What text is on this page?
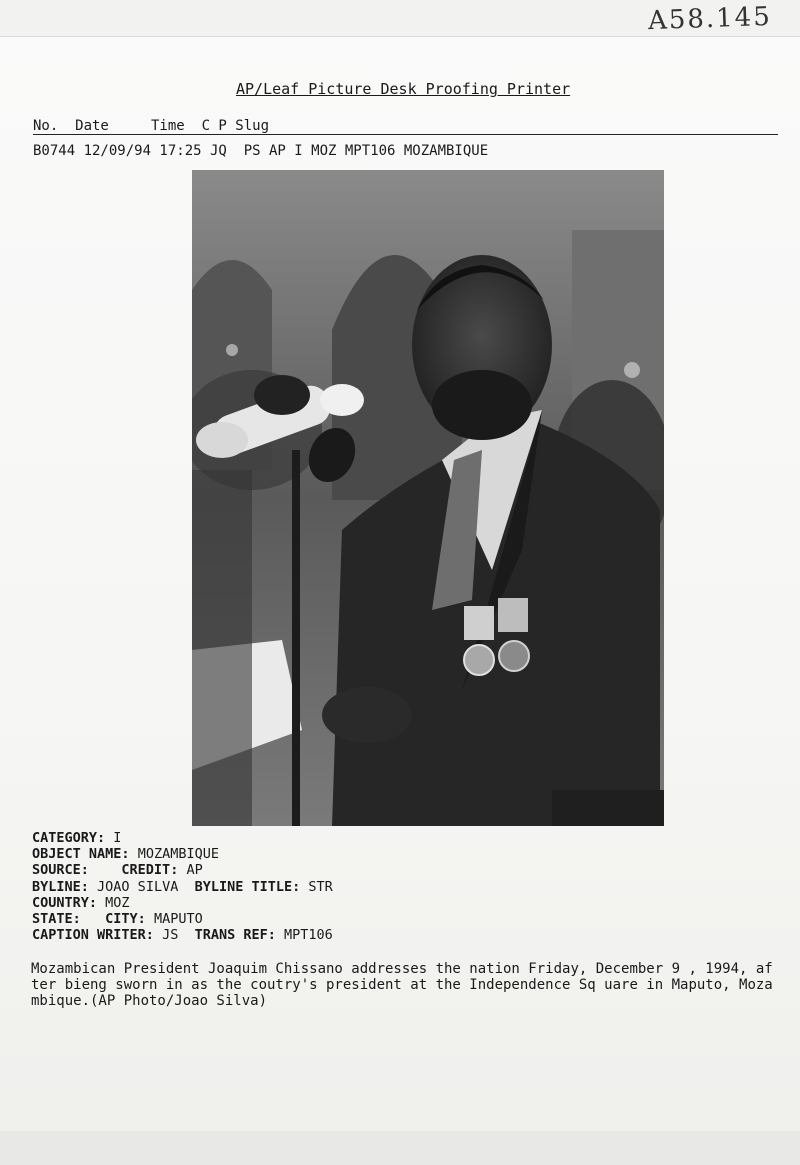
A58.145
AP/Leaf Picture Desk Proofing Printer
No.  Date     Time  C P Slug
B0744 12/09/94 17:25 JQ  PS AP I MOZ MPT106 MOZAMBIQUE
CATEGORY: I
OBJECT NAME: MOZAMBIQUE
SOURCE: CREDIT: AP
BYLINE: JOAO SILVA BYLINE TITLE: STR
COUNTRY: MOZ
STATE: CITY: MAPUTO
CAPTION WRITER: JS TRANS REF: MPT106
Mozambican President Joaquim Chissano addresses the nation Friday, December 9 , 1994, after bieng sworn in as the coutry's president at the Independence Sq uare in Maputo, Mozambique.(AP Photo/Joao Silva)
